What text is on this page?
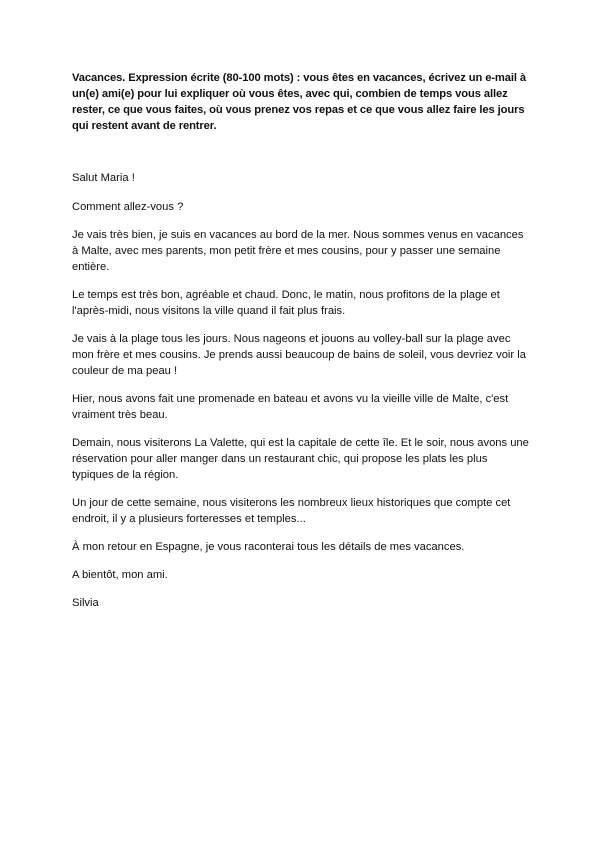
Vacances. Expression écrite (80-100 mots) : vous êtes en vacances, écrivez un e-mail à un(e) ami(e) pour lui expliquer où vous êtes, avec qui, combien de temps vous allez rester, ce que vous faites, où vous prenez vos repas et ce que vous allez faire les jours qui restent avant de rentrer.

Salut Maria !

Comment allez-vous ?

Je vais très bien, je suis en vacances au bord de la mer. Nous sommes venus en vacances à Malte, avec mes parents, mon petit frère et mes cousins, pour y passer une semaine entière.

Le temps est très bon, agréable et chaud. Donc, le matin, nous profitons de la plage et l'après-midi, nous visitons la ville quand il fait plus frais.

Je vais à la plage tous les jours. Nous nageons et jouons au volley-ball sur la plage avec mon frère et mes cousins. Je prends aussi beaucoup de bains de soleil, vous devriez voir la couleur de ma peau !

Hier, nous avons fait une promenade en bateau et avons vu la vieille ville de Malte, c'est vraiment très beau.

Demain, nous visiterons La Valette, qui est la capitale de cette île. Et le soir, nous avons une réservation pour aller manger dans un restaurant chic, qui propose les plats les plus typiques de la région.

Un jour de cette semaine, nous visiterons les nombreux lieux historiques que compte cet endroit, il y a plusieurs forteresses et temples...

À mon retour en Espagne, je vous raconterai tous les détails de mes vacances.

A bientôt, mon ami.

Silvia
